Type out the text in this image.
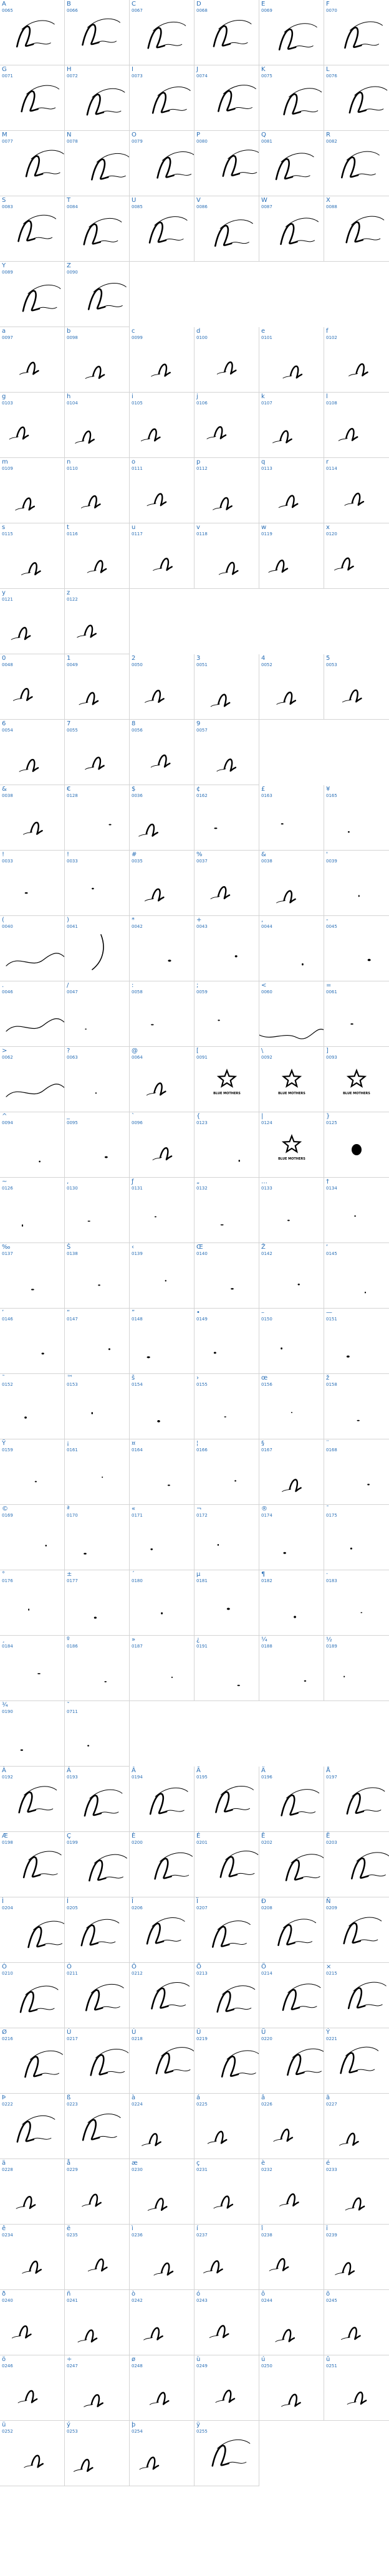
A
0065
B
0066
C
0067
D
0068
E
0069
F
0070
G
0071
H
0072
I
0073
J
0074
K
0075
L
0076
M
0077
N
0078
O
0079
P
0080
Q
0081
R
0082
S
0083
T
0084
U
0085
V
0086
W
0087
X
0088
Y
0089
Z
0090
a
0097
b
0098
c
0099
d
0100
e
0101
f
0102
g
0103
h
0104
i
0105
j
0106
k
0107
l
0108
m
0109
n
0110
o
0111
p
0112
q
0113
r
0114
s
0115
t
0116
u
0117
v
0118
w
0119
x
0120
y
0121
z
0122
0
0048
1
0049
2
0050
3
0051
4
0052
5
0053
6
0054
7
0055
8
0056
9
0057
&
0038
€
0128
$
0036
¢
0162
£
0163
¥
0165
!
0033
!
0033
#
0035
%
0037
&
0038
'
0039
(
0040
)
0041
*
0042
+
0043
,
0044
-
0045
.
0046
/
0047
:
0058
;
0059
<
0060
=
0061
>
0062
?
0063
@
0064
BLUE MOTHERS
[
0091
BLUE MOTHERS
\
0092
BLUE MOTHERS
]
0093
^
0094
_
0095
`
0096
{
0123
BLUE MOTHERS
|
0124
}
0125
~
0126
‚
0130
ƒ
0131
„
0132
…
0133
†
0134
‰
0137
Š
0138
‹
0139
Œ
0140
Ž
0142
‘
0145
’
0146
“
0147
”
0148
•
0149
–
0150
—
0151
˜
0152
™
0153
š
0154
›
0155
œ
0156
ž
0158
Ÿ
0159
¡
0161
¤
0164
¦
0166
§
0167
¨
0168
©
0169
ª
0170
«
0171
¬
0172
®
0174
¯
0175
°
0176
±
0177
´
0180
µ
0181
¶
0182
·
0183
¸
0184
º
0186
»
0187
¿
0191
¼
0188
½
0189
¾
0190
ˇ
0711
À
0192
Á
0193
Â
0194
Ã
0195
Ä
0196
Å
0197
Æ
0198
Ç
0199
È
0200
É
0201
Ê
0202
Ë
0203
Ì
0204
Í
0205
Î
0206
Ï
0207
Ð
0208
Ñ
0209
Ò
0210
Ó
0211
Ô
0212
Õ
0213
Ö
0214
×
0215
Ø
0216
Ù
0217
Ú
0218
Û
0219
Ü
0220
Ý
0221
Þ
0222
ß
0223
à
0224
á
0225
â
0226
ã
0227
ä
0228
å
0229
æ
0230
ç
0231
è
0232
é
0233
ê
0234
ë
0235
ì
0236
í
0237
î
0238
ï
0239
ð
0240
ñ
0241
ò
0242
ó
0243
ô
0244
õ
0245
ö
0246
÷
0247
ø
0248
ù
0249
ú
0250
û
0251
ü
0252
ý
0253
þ
0254
ÿ
0255
